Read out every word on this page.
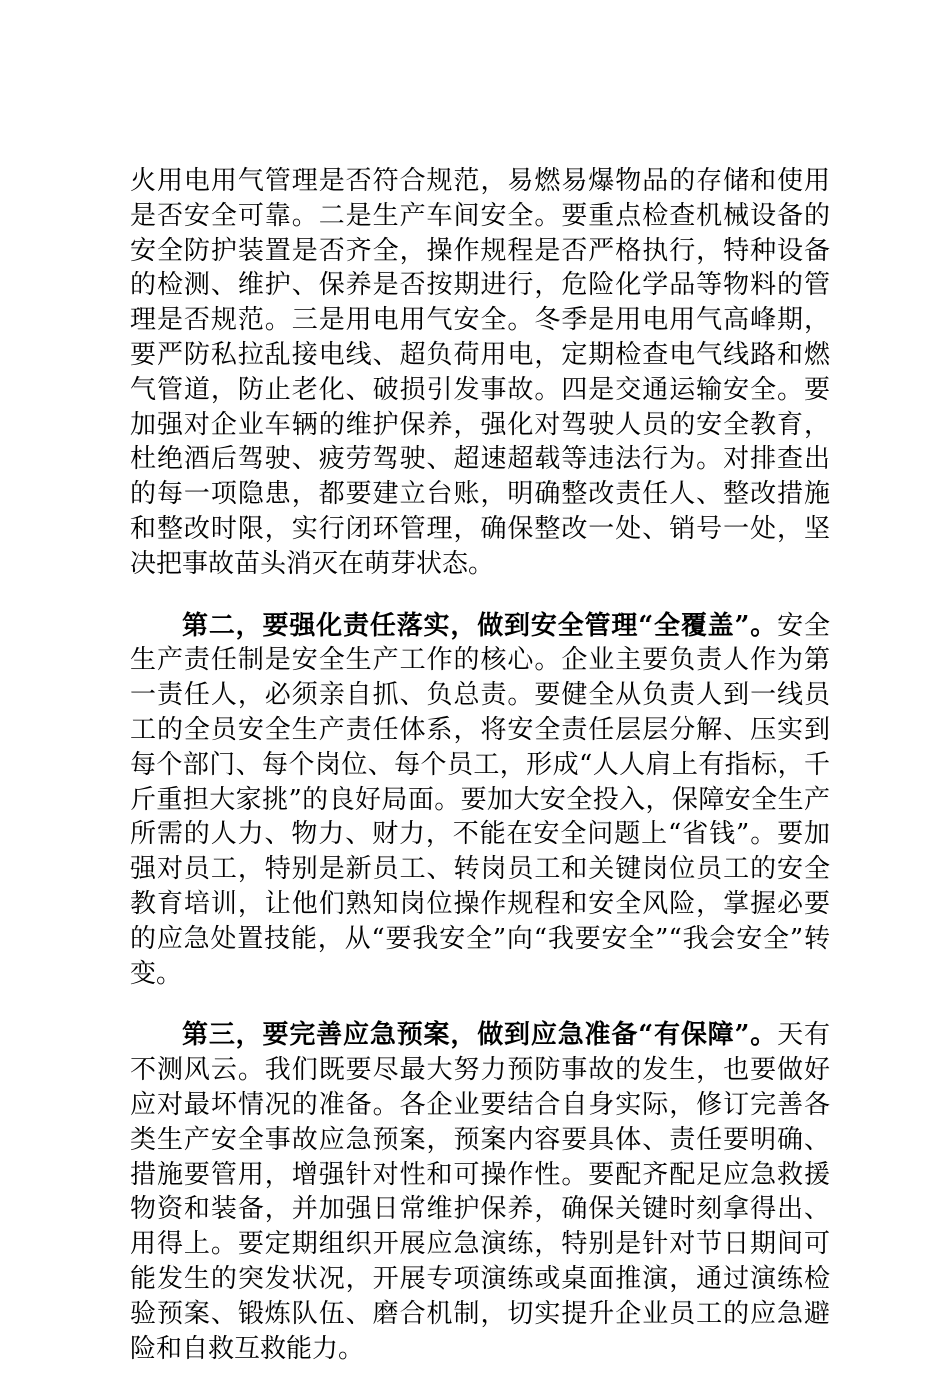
火用电用气管理是否符合规范，易燃易爆物品的存储和使用是否安全可靠。二是生产车间安全。要重点检查机械设备的安全防护装置是否齐全，操作规程是否严格执行，特种设备的检测、维护、保养是否按期进行，危险化学品等物料的管理是否规范。三是用电用气安全。冬季是用电用气高峰期，要严防私拉乱接电线、超负荷用电，定期检查电气线路和燃气管道，防止老化、破损引发事故。四是交通运输安全。要加强对企业车辆的维护保养，强化对驾驶人员的安全教育，杜绝酒后驾驶、疲劳驾驶、超速超载等违法行为。对排查出的每一项隐患，都要建立台账，明确整改责任人、整改措施和整改时限，实行闭环管理，确保整改一处、销号一处，坚决把事故苗头消灭在萌芽状态。

第二，要强化责任落实，做到安全管理“全覆盖”。安全生产责任制是安全生产工作的核心。企业主要负责人作为第一责任人，必须亲自抓、负总责。要健全从负责人到一线员工的全员安全生产责任体系，将安全责任层层分解、压实到每个部门、每个岗位、每个员工，形成“人人肩上有指标，千斤重担大家挑”的良好局面。要加大安全投入，保障安全生产所需的人力、物力、财力，不能在安全问题上“省钱”。要加强对员工，特别是新员工、转岗员工和关键岗位员工的安全教育培训，让他们熟知岗位操作规程和安全风险，掌握必要的应急处置技能，从“要我安全”向“我要安全”“我会安全”转变。

第三，要完善应急预案，做到应急准备“有保障”。天有不测风云。我们既要尽最大努力预防事故的发生，也要做好应对最坏情况的准备。各企业要结合自身实际，修订完善各类生产安全事故应急预案，预案内容要具体、责任要明确、措施要管用，增强针对性和可操作性。要配齐配足应急救援物资和装备，并加强日常维护保养，确保关键时刻拿得出、用得上。要定期组织开展应急演练，特别是针对节日期间可能发生的突发状况，开展专项演练或桌面推演，通过演练检验预案、锻炼队伍、磨合机制，切实提升企业员工的应急避险和自救互救能力。
